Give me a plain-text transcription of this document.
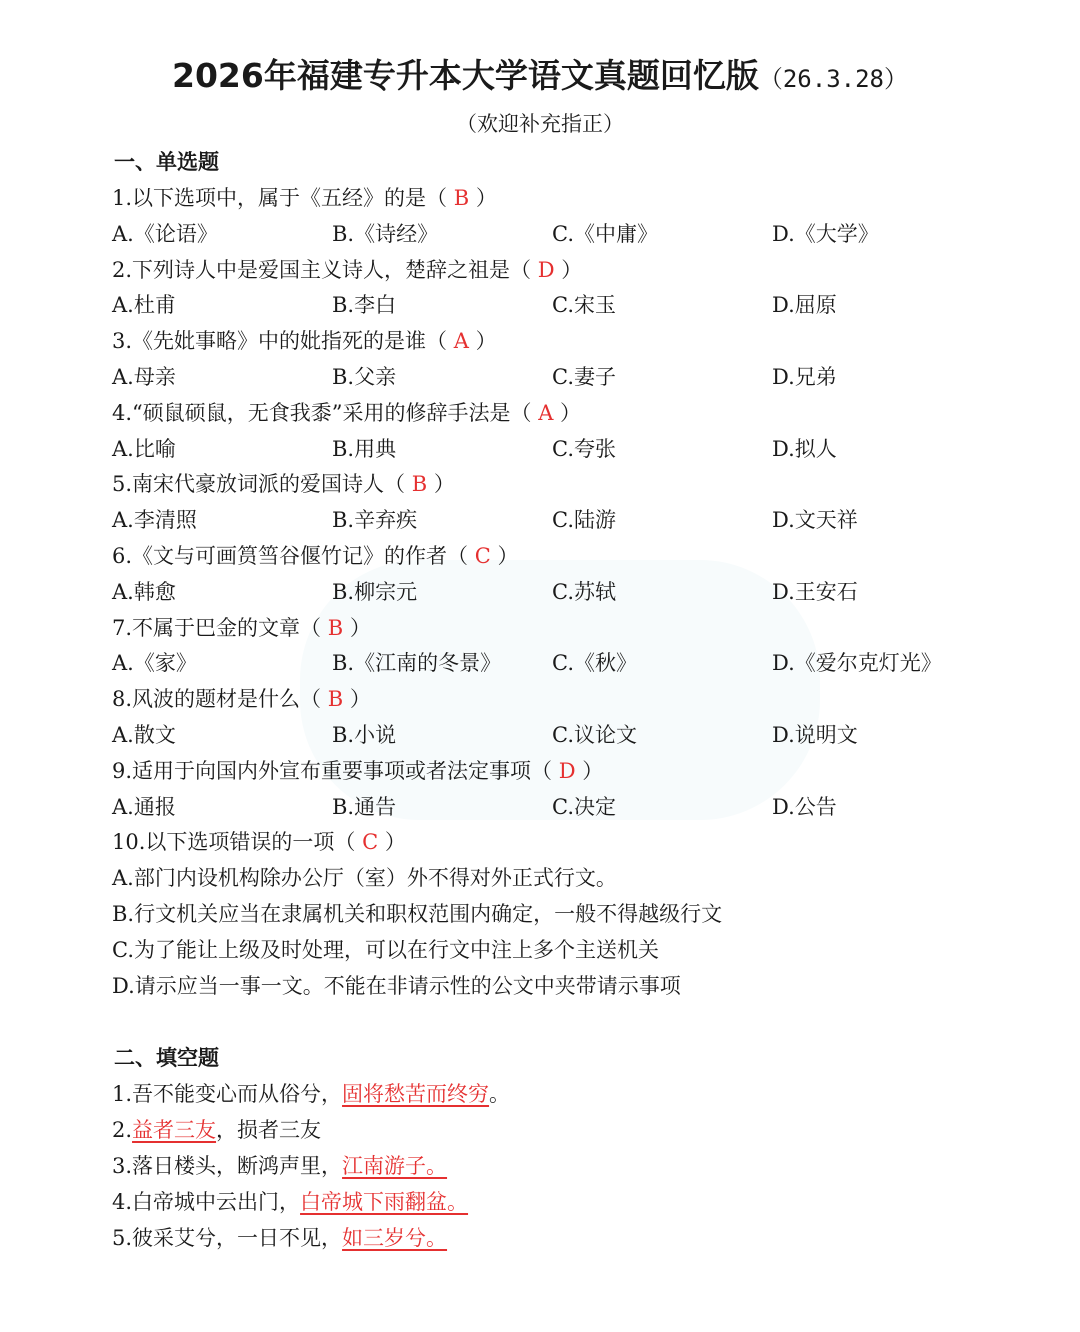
2026年福建专升本大学语文真题回忆版（26.3.28）
（欢迎补充指正）
一、单选题
1.以下选项中，属于《五经》的是（ B ）
A.《论语》	B.《诗经》	C.《中庸》	D.《大学》
2.下列诗人中是爱国主义诗人，楚辞之祖是（ D ）
A.杜甫	B.李白	C.宋玉	D.屈原
3.《先妣事略》中的妣指死的是谁（ A ）
A.母亲	B.父亲	C.妻子	D.兄弟
4.“硕鼠硕鼠，无食我黍”采用的修辞手法是（ A ）
A.比喻	B.用典	C.夸张	D.拟人
5.南宋代豪放词派的爱国诗人（ B ）
A.李清照	B.辛弃疾	C.陆游	D.文天祥
6.《文与可画筼筜谷偃竹记》的作者（ C ）
A.韩愈	B.柳宗元	C.苏轼	D.王安石
7.不属于巴金的文章（ B ）
A.《家》	B.《江南的冬景》 C.《秋》	D.《爱尔克灯光》
8.风波的题材是什么（ B ）
A.散文	B.小说	C.议论文	D.说明文
9.适用于向国内外宣布重要事项或者法定事项（ D ）
A.通报	B.通告	C.决定	D.公告
10.以下选项错误的一项（ C ）
A.部门内设机构除办公厅（室）外不得对外正式行文。
B.行文机关应当在隶属机关和职权范围内确定，一般不得越级行文
C.为了能让上级及时处理，可以在行文中注上多个主送机关
D.请示应当一事一文。不能在非请示性的公文中夹带请示事项
二、填空题
1.吾不能变心而从俗兮，固将愁苦而终穷。
2.益者三友，损者三友
3.落日楼头，断鸿声里，江南游子。
4.白帝城中云出门，白帝城下雨翻盆。
5.彼采艾兮，一日不见，如三岁兮。
